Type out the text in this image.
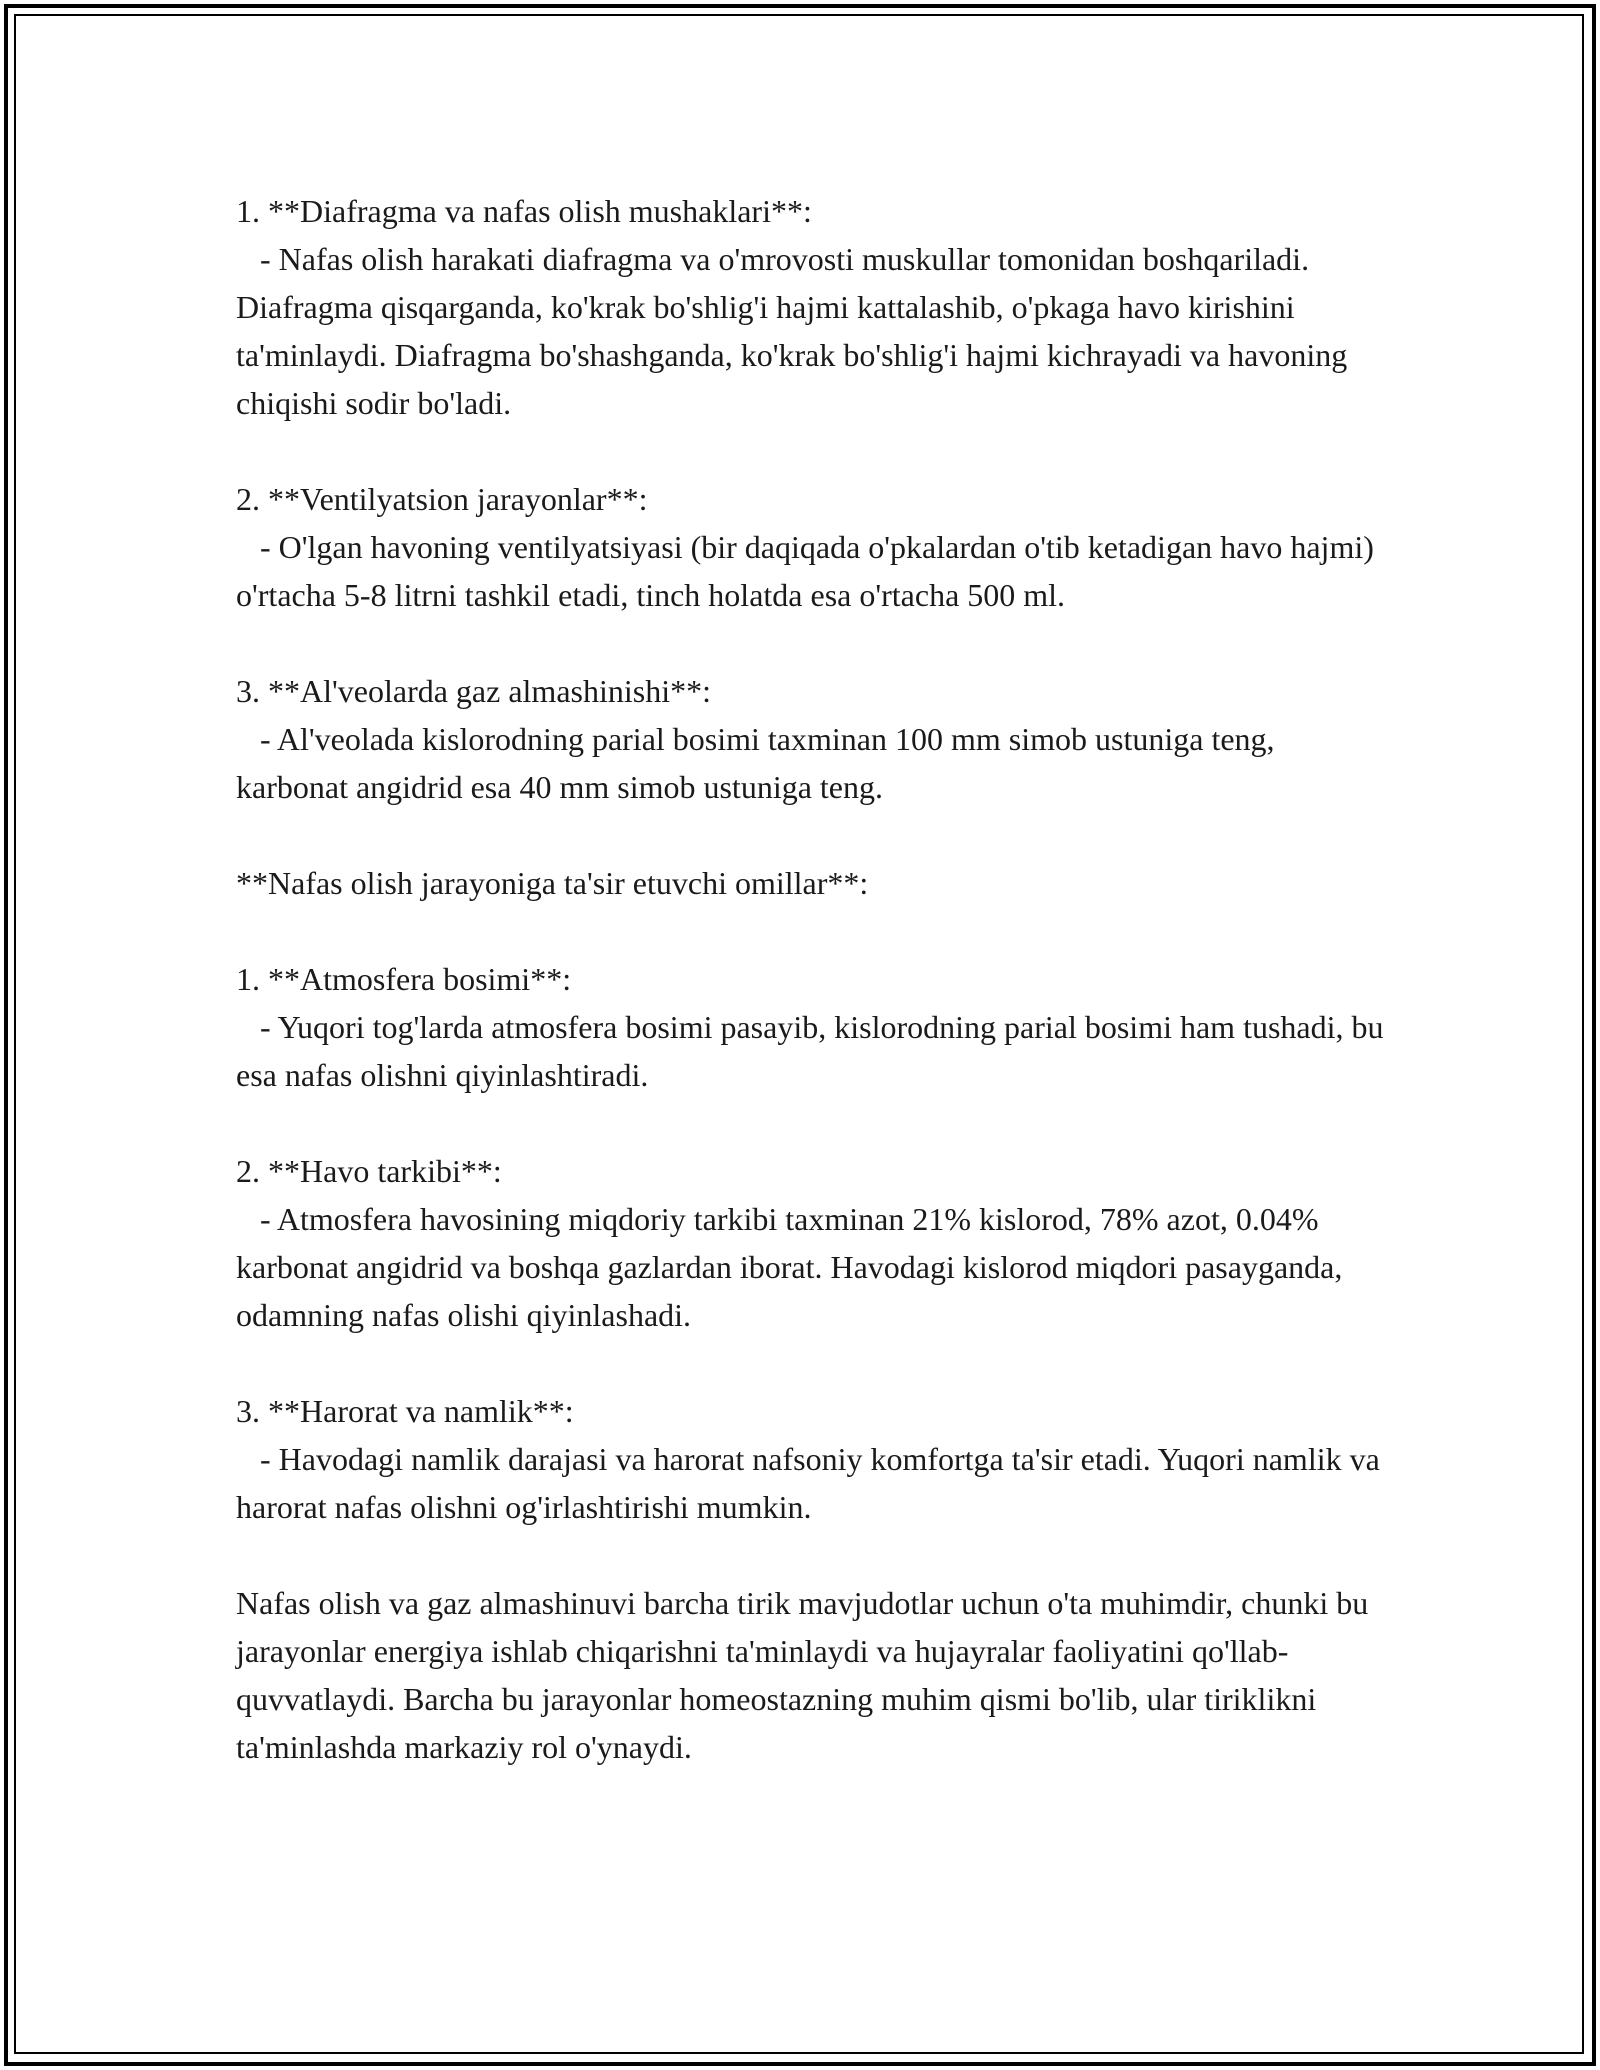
1. **Diafragma va nafas olish mushaklari**:

- Nafas olish harakati diafragma va o'mrovosti muskullar tomonidan boshqariladi. Diafragma qisqarganda, ko'krak bo'shlig'i hajmi kattalashib, o'pkaga havo kirishini ta'minlaydi. Diafragma bo'shashganda, ko'krak bo'shlig'i hajmi kichrayadi va havoning chiqishi sodir bo'ladi.

2. **Ventilyatsion jarayonlar**:

- O'lgan havoning ventilyatsiyasi (bir daqiqada o'pkalardan o'tib ketadigan havo hajmi) o'rtacha 5-8 litrni tashkil etadi, tinch holatda esa o'rtacha 500 ml.

3. **Al'veolarda gaz almashinishi**:

- Al'veolada kislorodning parial bosimi taxminan 100 mm simob ustuniga teng, karbonat angidrid esa 40 mm simob ustuniga teng.

**Nafas olish jarayoniga ta'sir etuvchi omillar**:

1. **Atmosfera bosimi**:

- Yuqori tog'larda atmosfera bosimi pasayib, kislorodning parial bosimi ham tushadi, bu esa nafas olishni qiyinlashtiradi.

2. **Havo tarkibi**:

- Atmosfera havosining miqdoriy tarkibi taxminan 21% kislorod, 78% azot, 0.04% karbonat angidrid va boshqa gazlardan iborat. Havodagi kislorod miqdori pasayganda, odamning nafas olishi qiyinlashadi.

3. **Harorat va namlik**:

- Havodagi namlik darajasi va harorat nafsoniy komfortga ta'sir etadi. Yuqori namlik va harorat nafas olishni og'irlashtirishi mumkin.

Nafas olish va gaz almashinuvi barcha tirik mavjudotlar uchun o'ta muhimdir, chunki bu jarayonlar energiya ishlab chiqarishni ta'minlaydi va hujayralar faoliyatini qo'llab-quvvatlaydi. Barcha bu jarayonlar homeostazning muhim qismi bo'lib, ular tiriklikni ta'minlashda markaziy rol o'ynaydi.
